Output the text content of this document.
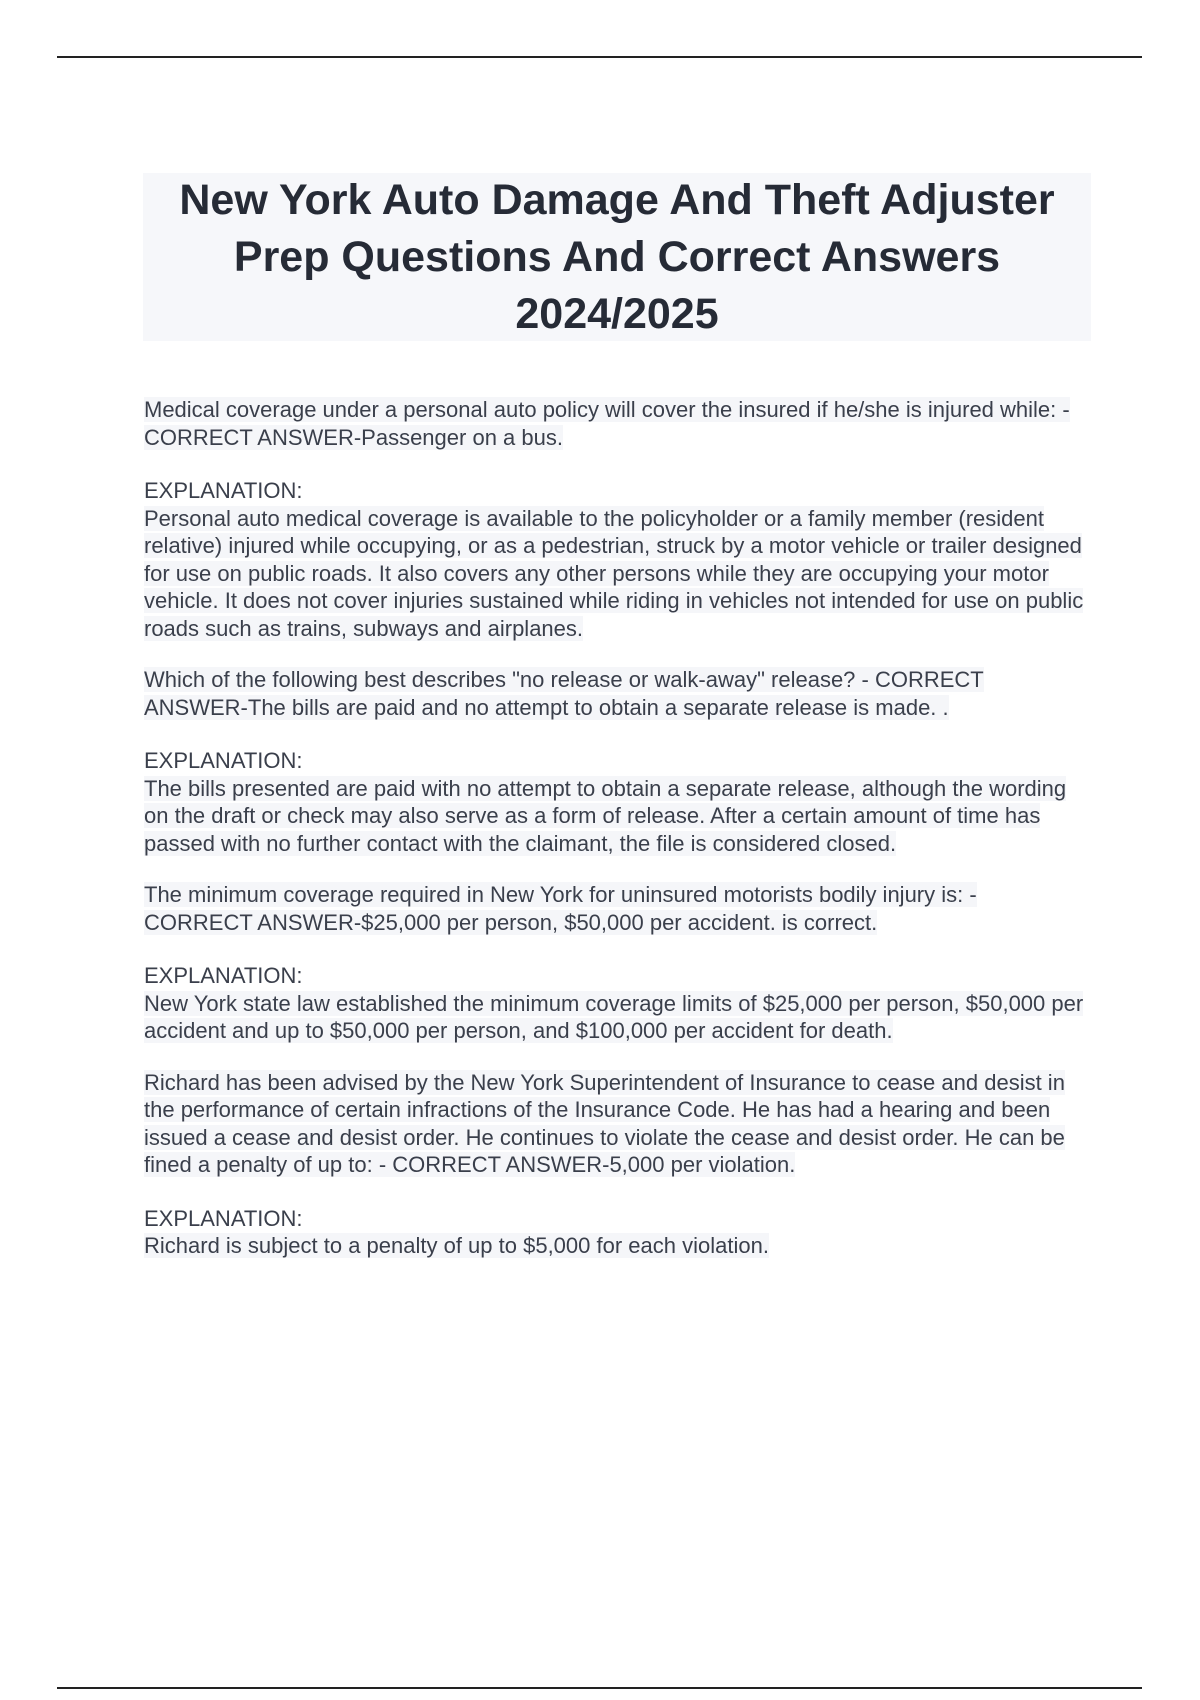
New York Auto Damage And Theft Adjuster Prep Questions And Correct Answers 2024/2025
Medical coverage under a personal auto policy will cover the insured if he/she is injured while: - CORRECT ANSWER-Passenger on a bus.
EXPLANATION:
Personal auto medical coverage is available to the policyholder or a family member (resident relative) injured while occupying, or as a pedestrian, struck by a motor vehicle or trailer designed for use on public roads. It also covers any other persons while they are occupying your motor vehicle. It does not cover injuries sustained while riding in vehicles not intended for use on public roads such as trains, subways and airplanes.
Which of the following best describes "no release or walk-away" release? - CORRECT ANSWER-The bills are paid and no attempt to obtain a separate release is made. .
EXPLANATION:
The bills presented are paid with no attempt to obtain a separate release, although the wording on the draft or check may also serve as a form of release. After a certain amount of time has passed with no further contact with the claimant, the file is considered closed.
The minimum coverage required in New York for uninsured motorists bodily injury is: - CORRECT ANSWER-$25,000 per person, $50,000 per accident. is correct.
EXPLANATION:
New York state law established the minimum coverage limits of $25,000 per person, $50,000 per accident and up to $50,000 per person, and $100,000 per accident for death.
Richard has been advised by the New York Superintendent of Insurance to cease and desist in the performance of certain infractions of the Insurance Code. He has had a hearing and been issued a cease and desist order. He continues to violate the cease and desist order. He can be fined a penalty of up to: - CORRECT ANSWER-5,000 per violation.
EXPLANATION:
Richard is subject to a penalty of up to $5,000 for each violation.
